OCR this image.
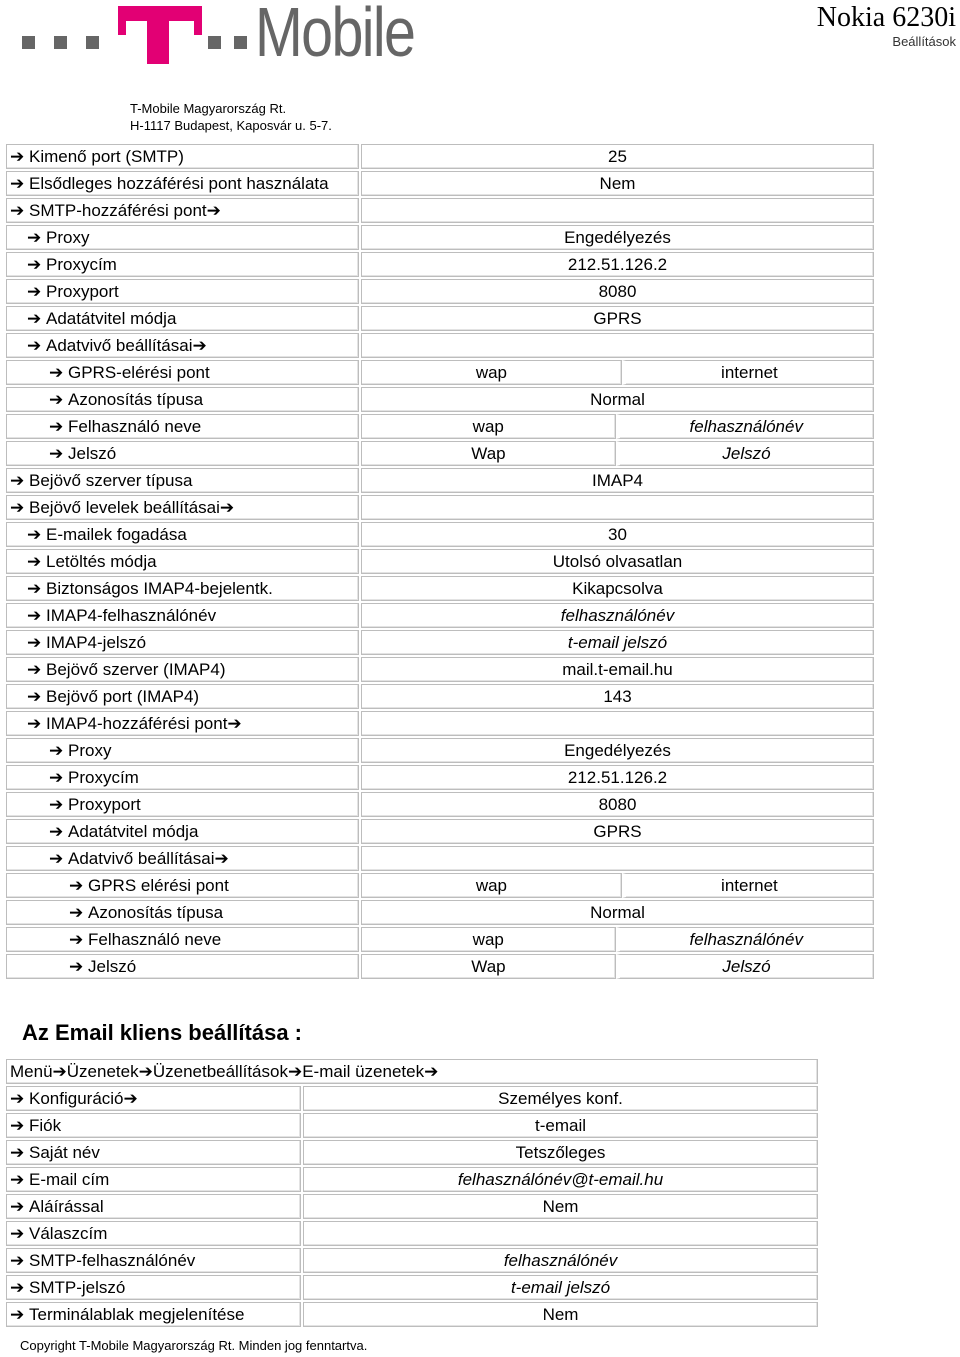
Mobile	Nokia 6230i
Beállítások
T-Mobile Magyarország Rt.
H-1117 Budapest, Kaposvár u. 5-7.
➔ Kimenő port (SMTP)	25
➔ Elsődleges hozzáférési pont használata	Nem
➔ SMTP-hozzáférési pont➔	
➔ Proxy	Engedélyezés
➔ Proxycím	212.51.126.2
➔ Proxyport	8080
➔ Adatátvitel módja	GPRS
➔ Adatvivő beállításai➔	
➔ GPRS-elérési pont		wap	internet

➔ Azonosítás típusa	Normal
➔ Felhasználó neve		wap	felhasználónév

➔ Jelszó		Wap	Jelszó

➔ Bejövő szerver típusa	IMAP4
➔ Bejövő levelek beállításai➔	
➔ E-mailek fogadása	30
➔ Letöltés módja	Utolsó olvasatlan
➔ Biztonságos IMAP4-bejelentk.	Kikapcsolva
➔ IMAP4-felhasználónév	felhasználónév
➔ IMAP4-jelszó	t-email jelszó
➔ Bejövő szerver (IMAP4)	mail.t-email.hu
➔ Bejövő port (IMAP4)	143
➔ IMAP4-hozzáférési pont➔	
➔ Proxy	Engedélyezés
➔ Proxycím	212.51.126.2
➔ Proxyport	8080
➔ Adatátvitel módja	GPRS
➔ Adatvivő beállításai➔	
➔ GPRS elérési pont		wap	internet

➔ Azonosítás típusa	Normal
➔ Felhasználó neve		wap	felhasználónév

➔ Jelszó		Wap	Jelszó
Az Email kliens beállítása :
Menü➔Üzenetek➔Üzenetbeállítások➔E-mail üzenetek➔	
➔ Konfiguráció➔	Személyes konf.
➔ Fiók	t-email
➔ Saját név	Tetszőleges
➔ E-mail cím	felhasználónév@t-email.hu
➔ Aláírással	Nem
➔ Válaszcím	
➔ SMTP-felhasználónév	felhasználónév
➔ SMTP-jelszó	t-email jelszó
➔ Terminálablak megjelenítése	Nem
Copyright T-Mobile Magyarország Rt. Minden jog fenntartva.
